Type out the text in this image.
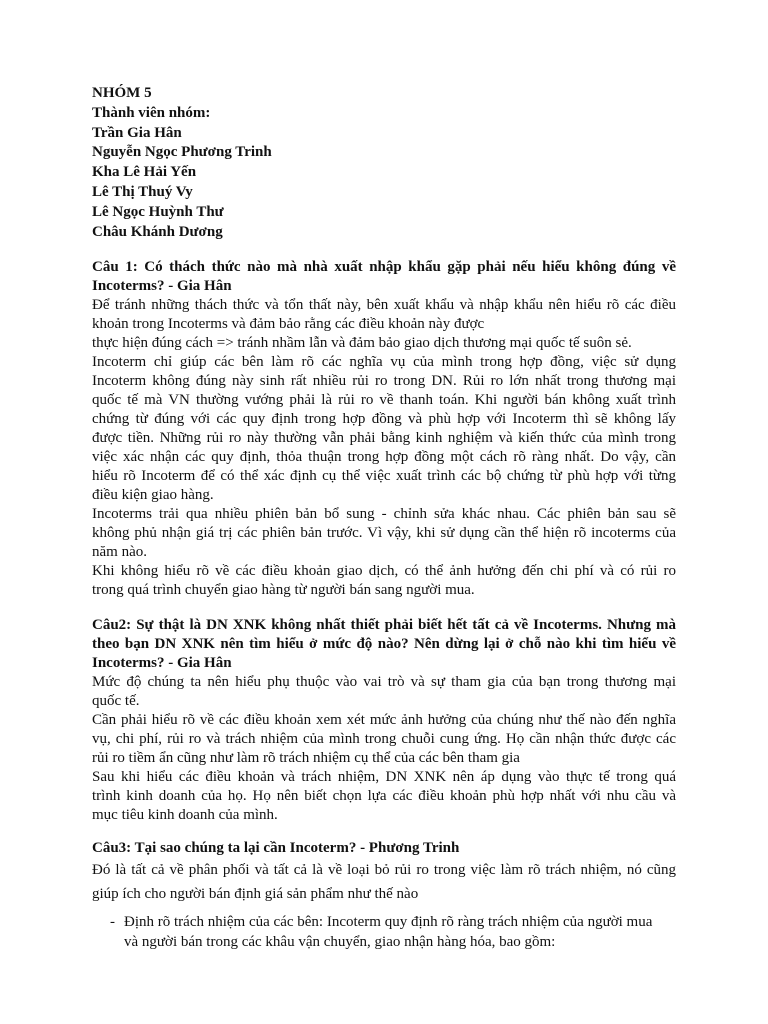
NHÓM 5
Thành viên nhóm:
Trần Gia Hân
Nguyễn Ngọc Phương Trinh
Kha Lê Hải Yến
Lê Thị Thuý Vy
Lê Ngọc Huỳnh Thư
Châu Khánh Dương
Câu 1: Có thách thức nào mà nhà xuất nhập khẩu gặp phải nếu hiểu không đúng về
Incoterms? - Gia Hân
Để tránh những thách thức và tổn thất này, bên xuất khẩu và nhập khẩu nên hiểu rõ các điều
khoản trong Incoterms và đảm bảo rằng các điều khoản này được
thực hiện đúng cách => tránh nhầm lẫn và đảm bảo giao dịch thương mại quốc tế suôn sẻ.
Incoterm chỉ giúp các bên làm rõ các nghĩa vụ của mình trong hợp đồng, việc sử dụng
Incoterm không đúng này sinh rất nhiều rủi ro trong DN. Rủi ro lớn nhất trong thương mại
quốc tế mà VN thường vướng phải là rủi ro về thanh toán. Khi người bán không xuất trình
chứng từ đúng với các quy định trong hợp đồng và phù hợp với Incoterm thì sẽ không lấy
được tiền. Những rủi ro này thường vẫn phải bằng kinh nghiệm và kiến thức của mình trong
việc xác nhận các quy định, thỏa thuận trong hợp đồng một cách rõ ràng nhất. Do vậy, cần
hiểu rõ Incoterm để có thể xác định cụ thể việc xuất trình các bộ chứng từ phù hợp với từng
điều kiện giao hàng.
Incoterms trải qua nhiều phiên bản bổ sung - chỉnh sửa khác nhau. Các phiên bản sau sẽ
không phủ nhận giá trị các phiên bản trước. Vì vậy, khi sử dụng cần thể hiện rõ incoterms của
năm nào.
Khi không hiểu rõ về các điều khoản giao dịch, có thể ảnh hưởng đến chi phí và có rủi ro
trong quá trình chuyển giao hàng từ người bán sang người mua.
Câu2: Sự thật là DN XNK không nhất thiết phải biết hết tất cả về Incoterms. Nhưng mà
theo bạn DN XNK nên tìm hiểu ở mức độ nào? Nên dừng lại ở chỗ nào khi tìm hiểu về
Incoterms? - Gia Hân
Mức độ chúng ta nên hiểu phụ thuộc vào vai trò và sự tham gia của bạn trong thương mại
quốc tế.
Cần phải hiểu rõ về các điều khoản xem xét mức ảnh hưởng của chúng như thế nào đến nghĩa
vụ, chi phí, rủi ro và trách nhiệm của mình trong chuỗi cung ứng. Họ cần nhận thức được các
rủi ro tiềm ẩn cũng như làm rõ trách nhiệm cụ thể của các bên tham gia
Sau khi hiểu các điều khoản và trách nhiệm, DN XNK nên áp dụng vào thực tế trong quá
trình kinh doanh của họ. Họ nên biết chọn lựa các điều khoản phù hợp nhất với nhu cầu và
mục tiêu kinh doanh của mình.
Câu3: Tại sao chúng ta lại cần Incoterm? - Phương Trinh
Đó là tất cả về phân phối và tất cả là về loại bỏ rủi ro trong việc làm rõ trách nhiệm, nó cũng
giúp ích cho người bán định giá sản phẩm như thế nào
- Định rõ trách nhiệm của các bên: Incoterm quy định rõ ràng trách nhiệm của người mua
và người bán trong các khâu vận chuyển, giao nhận hàng hóa, bao gồm:
